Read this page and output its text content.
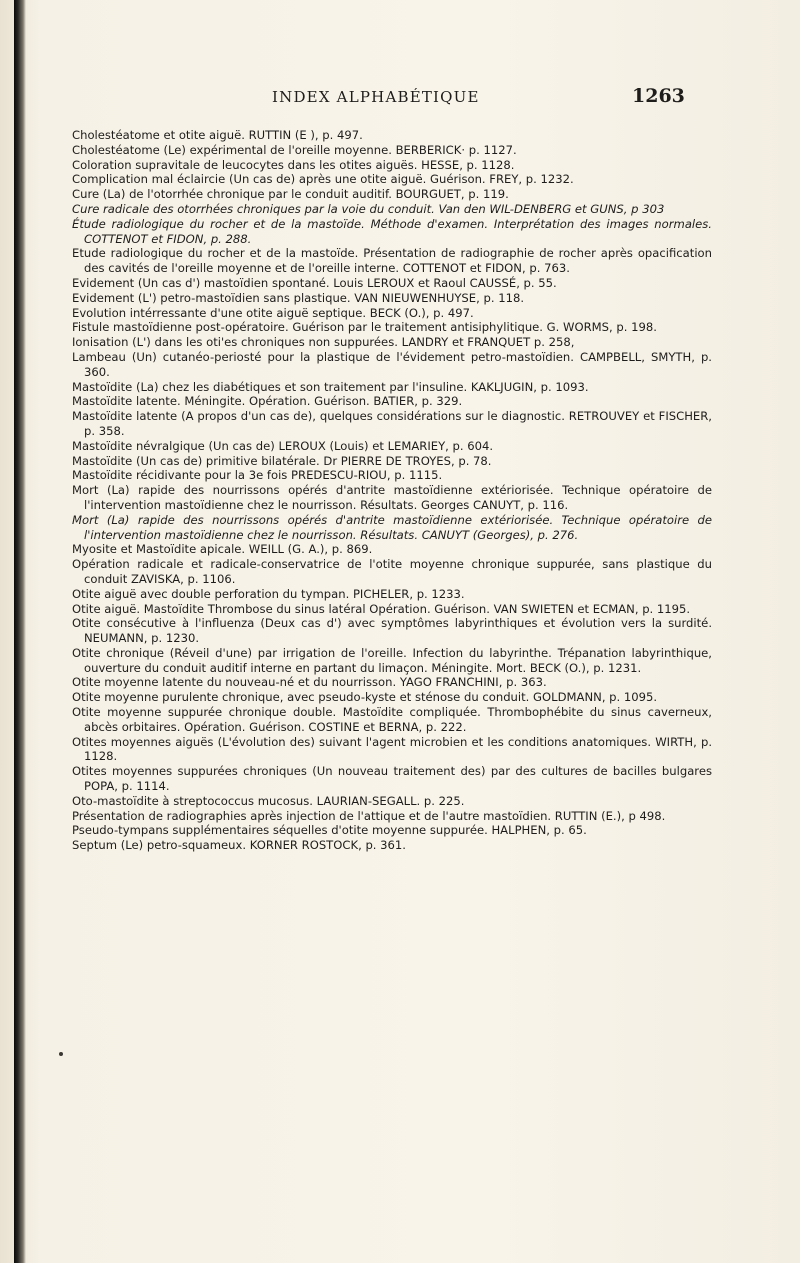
INDEX ALPHABÉTIQUE	1263
Cholestéatome et otite aiguë. RUTTIN (E ), p. 497.
Cholestéatome (Le) expérimental de l'oreille moyenne. BERBERICK· p. 1127.
Coloration supravitale de leucocytes dans les otites aiguës. HESSE, p. 1128.
Complication mal éclaircie (Un cas de) après une otite aiguë. Guérison. FREY, p. 1232.
Cure (La) de l'otorrhée chronique par le conduit auditif. BOURGUET, p. 119.
Cure radicale des otorrhées chroniques par la voie du conduit. Van den WIL-DENBERG et GUNS, p 303
Étude radiologique du rocher et de la mastoïde. Méthode d'examen. Interprétation des images normales. COTTENOT et FIDON, p. 288.
Etude radiologique du rocher et de la mastoïde. Présentation de radiographie de rocher après opacification des cavités de l'oreille moyenne et de l'oreille interne. COTTENOT et FIDON, p. 763.
Evidement (Un cas d') mastoïdien spontané. Louis LEROUX et Raoul CAUSSÉ, p. 55.
Evidement (L') petro-mastoïdien sans plastique. VAN NIEUWENHUYSE, p. 118.
Evolution intérressante d'une otite aiguë septique. BECK (O.), p. 497.
Fistule mastoïdienne post-opératoire. Guérison par le traitement antisiphylitique. G. WORMS, p. 198.
Ionisation (L') dans les oti'es chroniques non suppurées. LANDRY et FRANQUET p. 258,
Lambeau (Un) cutanéo-periosté pour la plastique de l'évidement petro-mastoïdien. CAMPBELL, SMYTH, p. 360.
Mastoïdite (La) chez les diabétiques et son traitement par l'insuline. KAKLJUGIN, p. 1093.
Mastoïdite latente. Méningite. Opération. Guérison. BATIER, p. 329.
Mastoïdite latente (A propos d'un cas de), quelques considérations sur le diagnostic. RETROUVEY et FISCHER, p. 358.
Mastoïdite névralgique (Un cas de) LEROUX (Louis) et LEMARIEY, p. 604.
Mastoïdite (Un cas de) primitive bilatérale. Dr PIERRE DE TROYES, p. 78.
Mastoïdite récidivante pour la 3e fois PREDESCU-RIOU, p. 1115.
Mort (La) rapide des nourrissons opérés d'antrite mastoïdienne extériorisée. Technique opératoire de l'intervention mastoïdienne chez le nourrisson. Résultats. Georges CANUYT, p. 116.
Mort (La) rapide des nourrissons opérés d'antrite mastoïdienne extériorisée. Technique opératoire de l'intervention mastoïdienne chez le nourrisson. Résultats. CANUYT (Georges), p. 276.
Myosite et Mastoïdite apicale. WEILL (G. A.), p. 869.
Opération radicale et radicale-conservatrice de l'otite moyenne chronique suppurée, sans plastique du conduit ZAVISKA, p. 1106.
Otite aiguë avec double perforation du tympan. PICHELER, p. 1233.
Otite aiguë. Mastoïdite Thrombose du sinus latéral Opération. Guérison. VAN SWIETEN et ECMAN, p. 1195.
Otite consécutive à l'influenza (Deux cas d') avec symptômes labyrinthiques et évolution vers la surdité. NEUMANN, p. 1230.
Otite chronique (Réveil d'une) par irrigation de l'oreille. Infection du labyrinthe. Trépanation labyrinthique, ouverture du conduit auditif interne en partant du limaçon. Méningite. Mort. BECK (O.), p. 1231.
Otite moyenne latente du nouveau-né et du nourrisson. YAGO FRANCHINI, p. 363.
Otite moyenne purulente chronique, avec pseudo-kyste et sténose du conduit. GOLDMANN, p. 1095.
Otite moyenne suppurée chronique double. Mastoïdite compliquée. Thrombophébite du sinus caverneux, abcès orbitaires. Opération. Guérison. COSTINE et BERNA, p. 222.
Otites moyennes aiguës (L'évolution des) suivant l'agent microbien et les conditions anatomiques. WIRTH, p. 1128.
Otites moyennes suppurées chroniques (Un nouveau traitement des) par des cultures de bacilles bulgares POPA, p. 1114.
Oto-mastoïdite à streptococcus mucosus. LAURIAN-SEGALL. p. 225.
Présentation de radiographies après injection de l'attique et de l'autre mastoïdien. RUTTIN (E.), p 498.
Pseudo-tympans supplémentaires séquelles d'otite moyenne suppurée. HALPHEN, p. 65.
Septum (Le) petro-squameux. KORNER ROSTOCK, p. 361.
